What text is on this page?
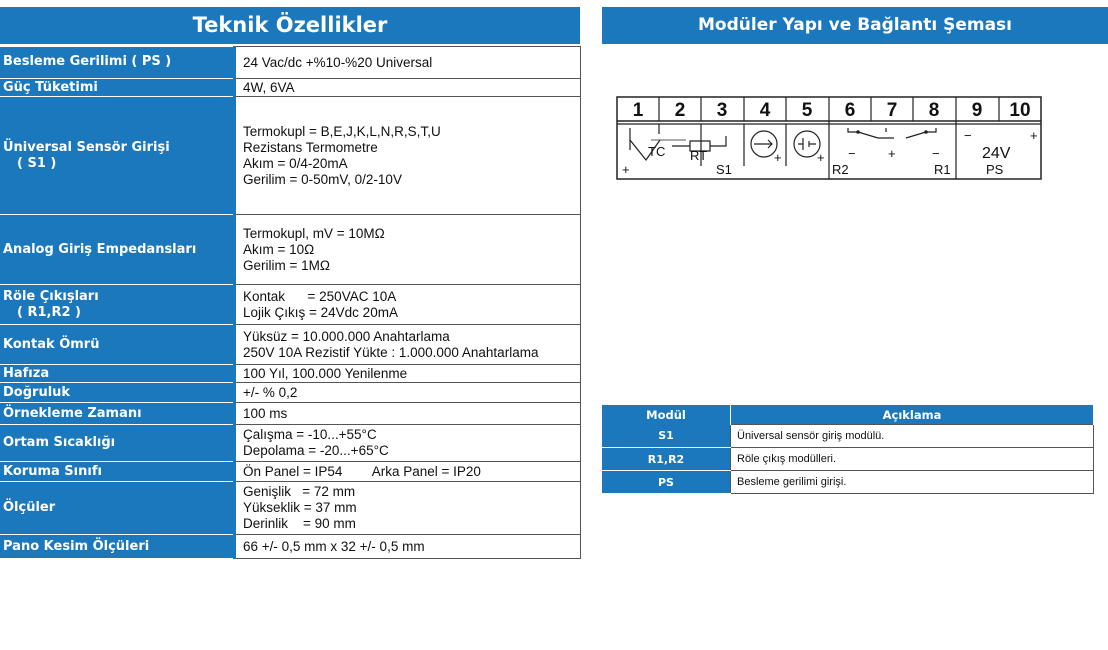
Teknik Özellikler	Modüler Yapı ve Bağlantı Şeması
Besleme Gerilimi ( PS )	24 Vac/dc +%10-%20 Universal

Güç Tüketimi	4W, 6VA

Üniversal Sensör Girişi
( S1 )	Termokupl = B,E,J,K,L,N,R,S,T,U
Rezistans Termometre
Akım = 0/4-20mA
Gerilim = 0-50mV, 0/2-10V

Analog Giriş Empedansları	Termokupl, mV = 10MΩ
Akım = 10Ω
Gerilim = 1MΩ

Röle Çıkışları
( R1,R2 )	Kontak      = 250VAC 10A
Lojik Çıkış = 24Vdc 20mA

Kontak Ömrü	Yüksüz = 10.000.000 Anahtarlama
250V 10A Rezistif Yükte : 1.000.000 Anahtarlama

Hafıza	100 Yıl, 100.000 Yenilenme

Doğruluk	+/- % 0,2

Örnekleme Zamanı	100 ms

Ortam Sıcaklığı	Çalışma = -10...+55°C
Depolama = -20...+65°C

Koruma Sınıfı	Ön Panel = IP54        Arka Panel = IP20

Ölçüler	Genişlik   = 72 mm
Yükseklik = 37 mm
Derinlik    = 90 mm

Pano Kesim Ölçüleri	66 +/- 0,5 mm x 32 +/- 0,5 mm
1 2 3 4 5 6 7 8 9 10
TC RT
S1	R2	R1	PS
24V
+
+	+ − +	−
−	+
Modül	Açıklama
S1	Üniversal sensör giriş modülü.
R1,R2	Röle çıkış modülleri.
PS	Besleme gerilimi girişi.
